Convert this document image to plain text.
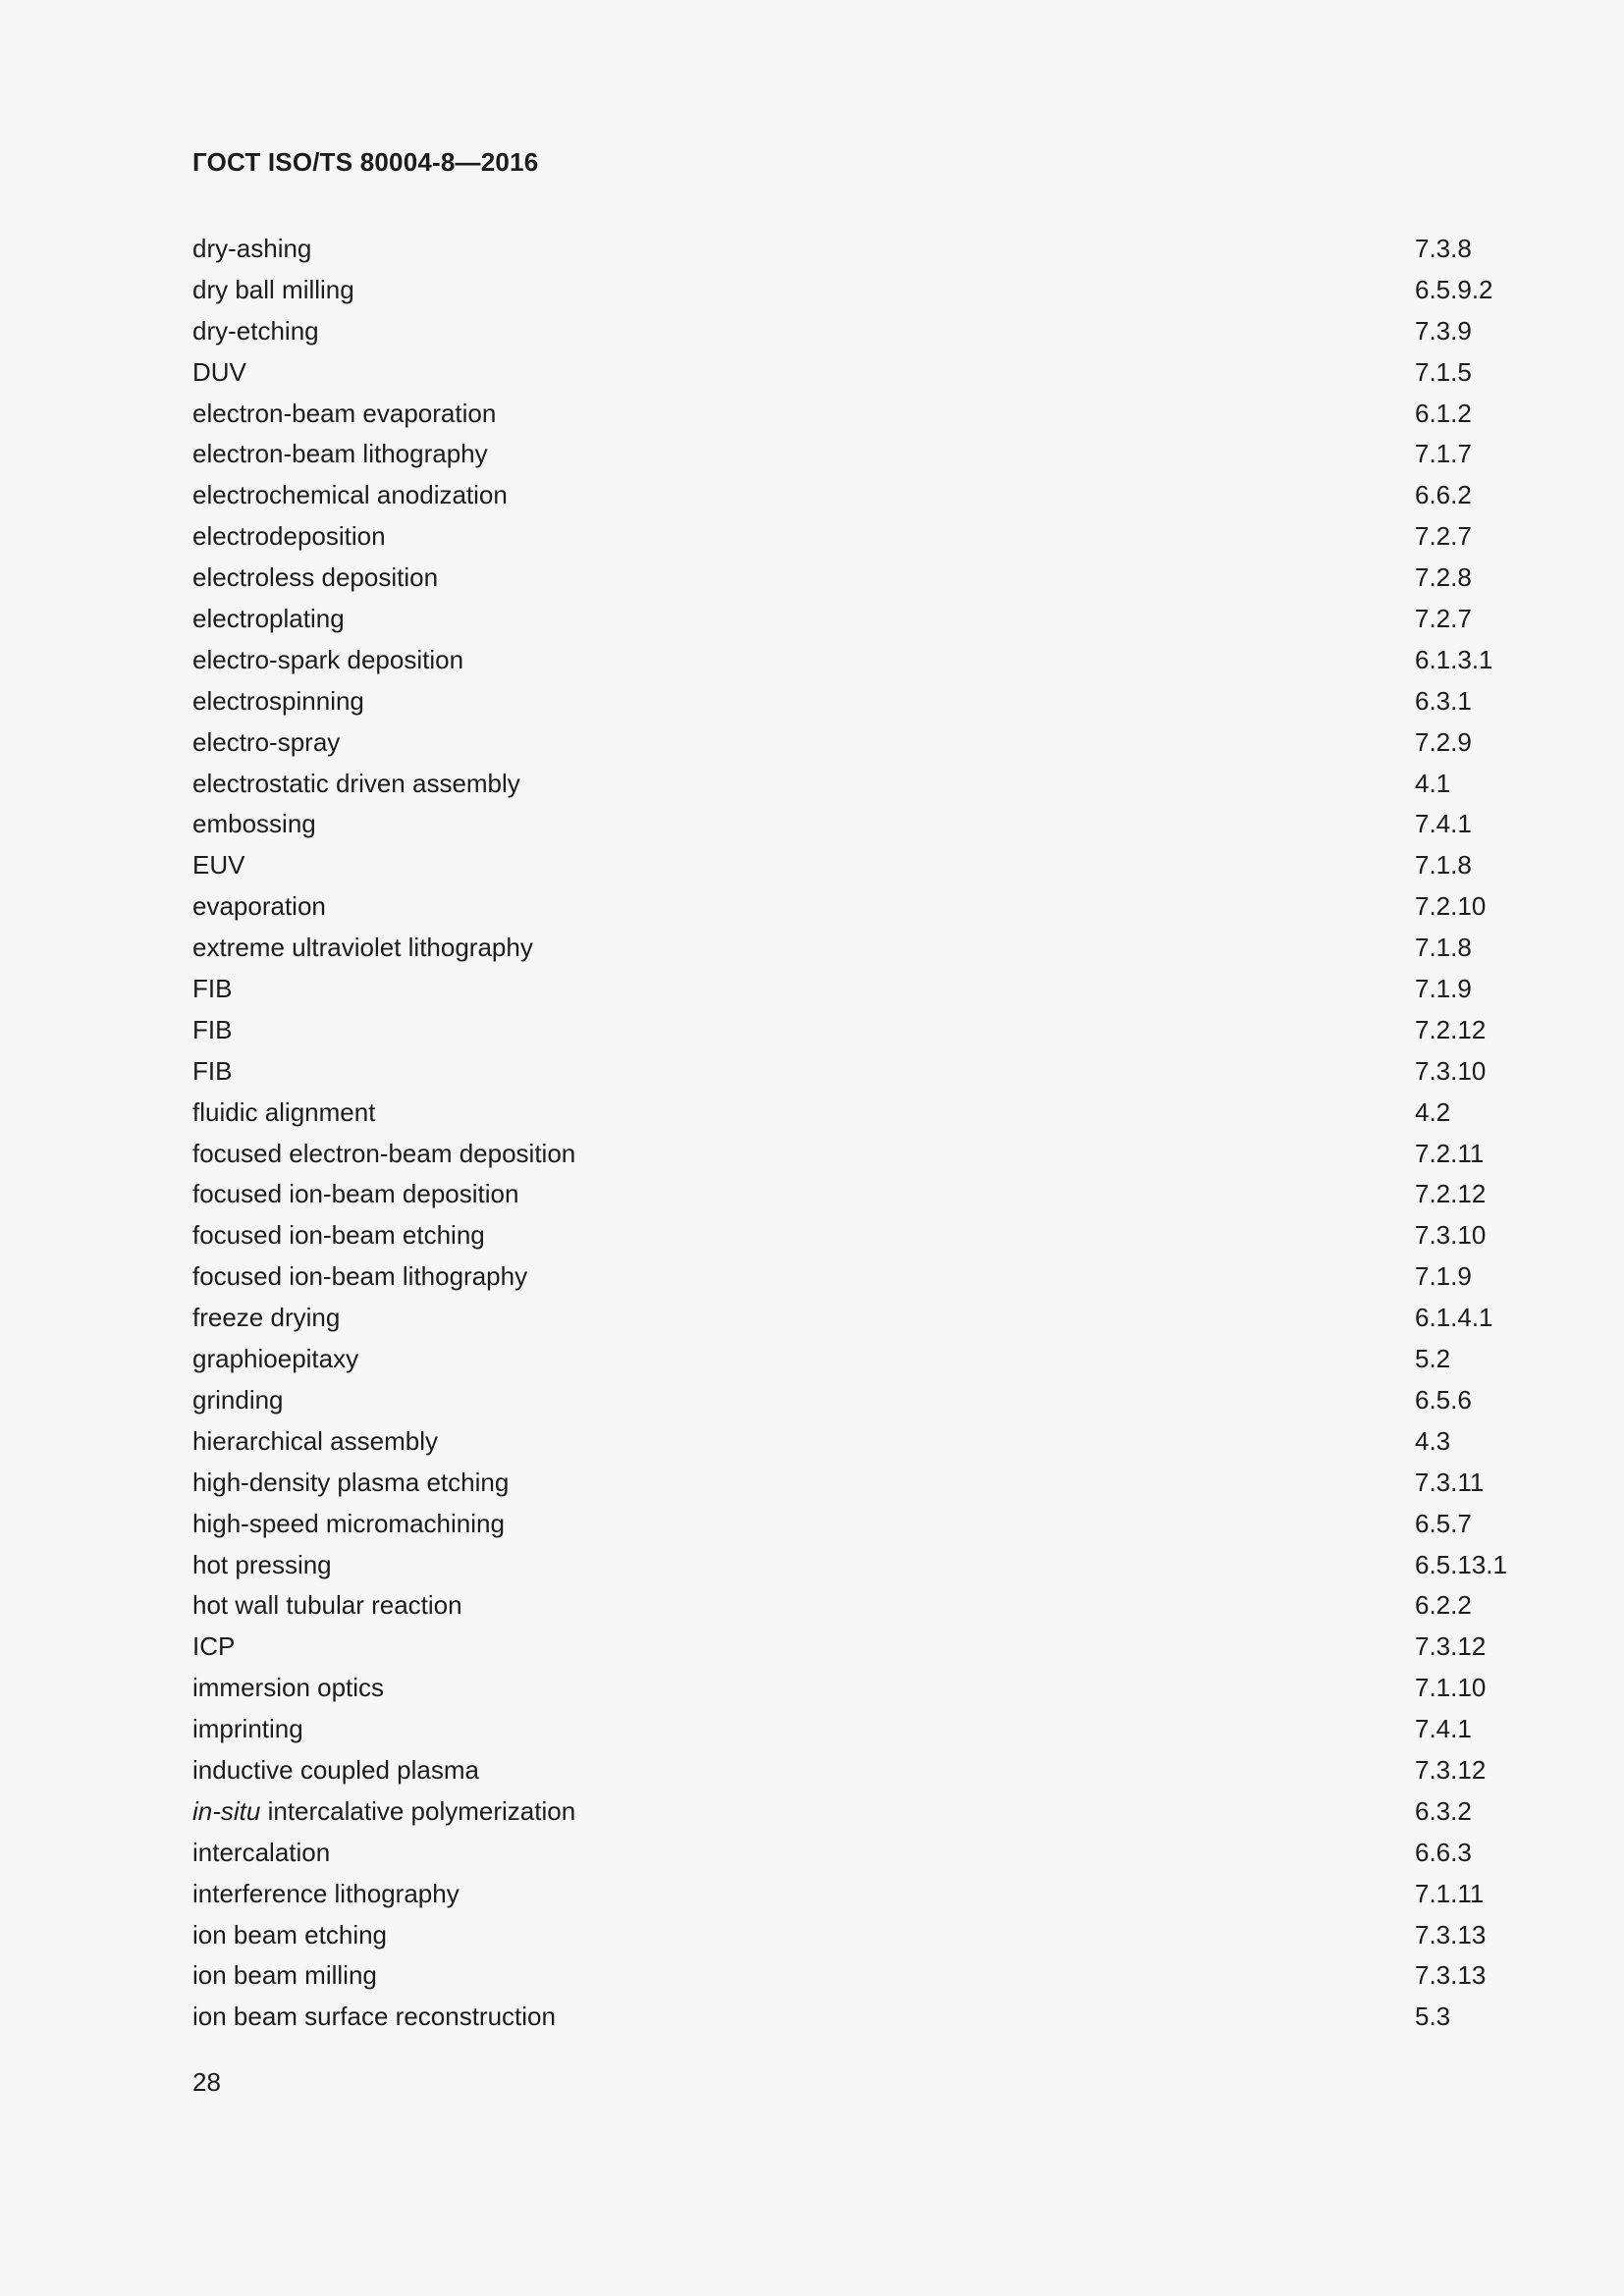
ГОСТ ISO/TS 80004-8—2016
dry-ashing	7.3.8
dry ball milling	6.5.9.2
dry-etching	7.3.9
DUV	7.1.5
electron-beam evaporation	6.1.2
electron-beam lithography	7.1.7
electrochemical anodization	6.6.2
electrodeposition	7.2.7
electroless deposition	7.2.8
electroplating	7.2.7
electro-spark deposition	6.1.3.1
electrospinning	6.3.1
electro-spray	7.2.9
electrostatic driven assembly	4.1
embossing	7.4.1
EUV	7.1.8
evaporation	7.2.10
extreme ultraviolet lithography	7.1.8
FIB	7.1.9
FIB	7.2.12
FIB	7.3.10
fluidic alignment	4.2
focused electron-beam deposition	7.2.11
focused ion-beam deposition	7.2.12
focused ion-beam etching	7.3.10
focused ion-beam lithography	7.1.9
freeze drying	6.1.4.1
graphioepitaxy	5.2
grinding	6.5.6
hierarchical assembly	4.3
high-density plasma etching	7.3.11
high-speed micromachining	6.5.7
hot pressing	6.5.13.1
hot wall tubular reaction	6.2.2
ICP	7.3.12
immersion optics	7.1.10
imprinting	7.4.1
inductive coupled plasma	7.3.12
in-situ intercalative polymerization	6.3.2
intercalation	6.6.3
interference lithography	7.1.11
ion beam etching	7.3.13
ion beam milling	7.3.13
ion beam surface reconstruction	5.3
28
